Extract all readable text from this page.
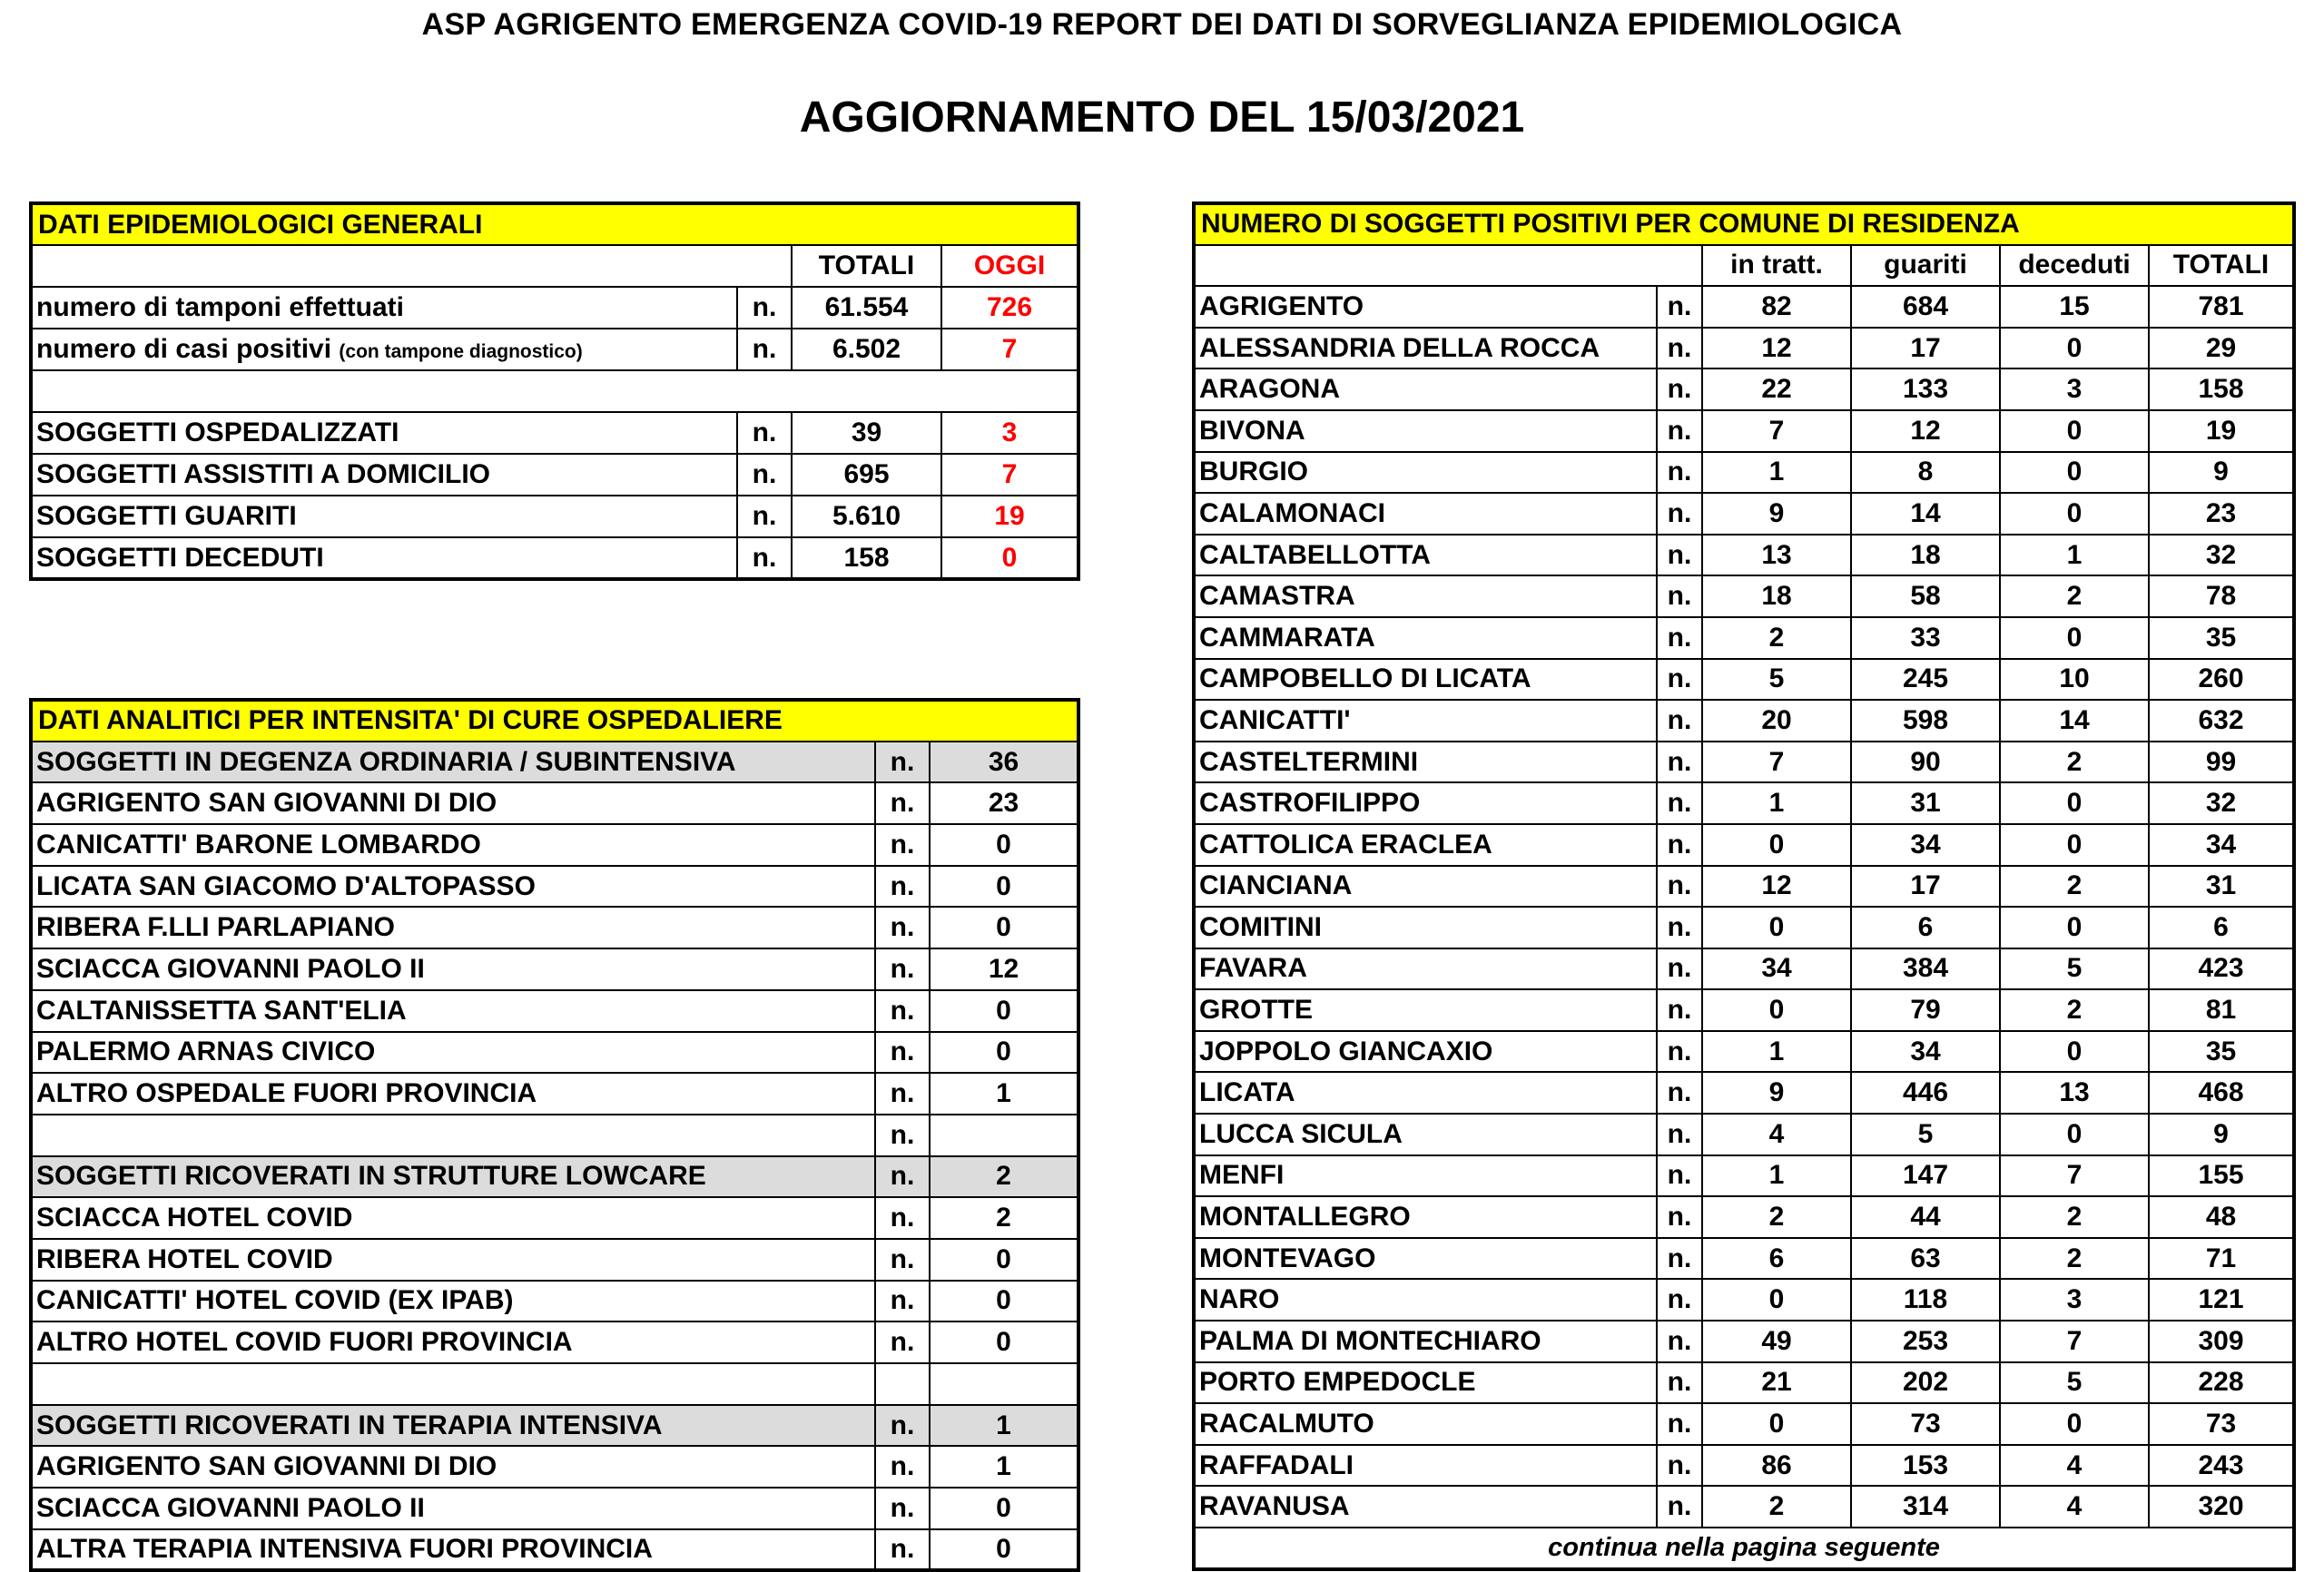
ASP AGRIGENTO EMERGENZA COVID-19 REPORT DEI DATI DI SORVEGLIANZA EPIDEMIOLOGICA
AGGIORNAMENTO DEL 15/03/2021
DATI EPIDEMIOLOGICI GENERALI			
		TOTALI	OGGI
numero di tamponi effettuati	n.	61.554	726
numero di casi positivi (con tampone diagnostico)	n.	6.502	7

SOGGETTI OSPEDALIZZATI	n.	39	3
SOGGETTI ASSISTITI A DOMICILIO	n.	695	7
SOGGETTI GUARITI	n.	5.610	19
SOGGETTI DECEDUTI	n.	158	0
DATI ANALITICI PER INTENSITA' DI CURE OSPEDALIERE		
SOGGETTI IN DEGENZA ORDINARIA / SUBINTENSIVA	n.	36
AGRIGENTO SAN GIOVANNI DI DIO	n.	23
CANICATTI' BARONE LOMBARDO	n.	0
LICATA SAN GIACOMO D'ALTOPASSO	n.	0
RIBERA F.LLI PARLAPIANO	n.	0
SCIACCA GIOVANNI PAOLO II	n.	12
CALTANISSETTA SANT'ELIA	n.	0
PALERMO ARNAS CIVICO	n.	0
ALTRO OSPEDALE FUORI PROVINCIA	n.	1
	n.	
SOGGETTI RICOVERATI IN STRUTTURE LOWCARE	n.	2
SCIACCA HOTEL COVID	n.	2
RIBERA HOTEL COVID	n.	0
CANICATTI' HOTEL COVID (EX IPAB)	n.	0
ALTRO HOTEL COVID FUORI PROVINCIA	n.	0

SOGGETTI RICOVERATI IN TERAPIA INTENSIVA	n.	1
AGRIGENTO SAN GIOVANNI DI DIO	n.	1
SCIACCA GIOVANNI PAOLO II	n.	0
ALTRA TERAPIA INTENSIVA FUORI PROVINCIA	n.	0
NUMERO DI SOGGETTI POSITIVI PER COMUNE DI RESIDENZA					
		in tratt.	guariti	deceduti	TOTALI
AGRIGENTO	n.	82	684	15	781
ALESSANDRIA DELLA ROCCA	n.	12	17	0	29
ARAGONA	n.	22	133	3	158
BIVONA	n.	7	12	0	19
BURGIO	n.	1	8	0	9
CALAMONACI	n.	9	14	0	23
CALTABELLOTTA	n.	13	18	1	32
CAMASTRA	n.	18	58	2	78
CAMMARATA	n.	2	33	0	35
CAMPOBELLO DI LICATA	n.	5	245	10	260
CANICATTI'	n.	20	598	14	632
CASTELTERMINI	n.	7	90	2	99
CASTROFILIPPO	n.	1	31	0	32
CATTOLICA ERACLEA	n.	0	34	0	34
CIANCIANA	n.	12	17	2	31
COMITINI	n.	0	6	0	6
FAVARA	n.	34	384	5	423
GROTTE	n.	0	79	2	81
JOPPOLO GIANCAXIO	n.	1	34	0	35
LICATA	n.	9	446	13	468
LUCCA SICULA	n.	4	5	0	9
MENFI	n.	1	147	7	155
MONTALLEGRO	n.	2	44	2	48
MONTEVAGO	n.	6	63	2	71
NARO	n.	0	118	3	121
PALMA DI MONTECHIARO	n.	49	253	7	309
PORTO EMPEDOCLE	n.	21	202	5	228
RACALMUTO	n.	0	73	0	73
RAFFADALI	n.	86	153	4	243
RAVANUSA	n.	2	314	4	320
continua nella pagina seguente					
